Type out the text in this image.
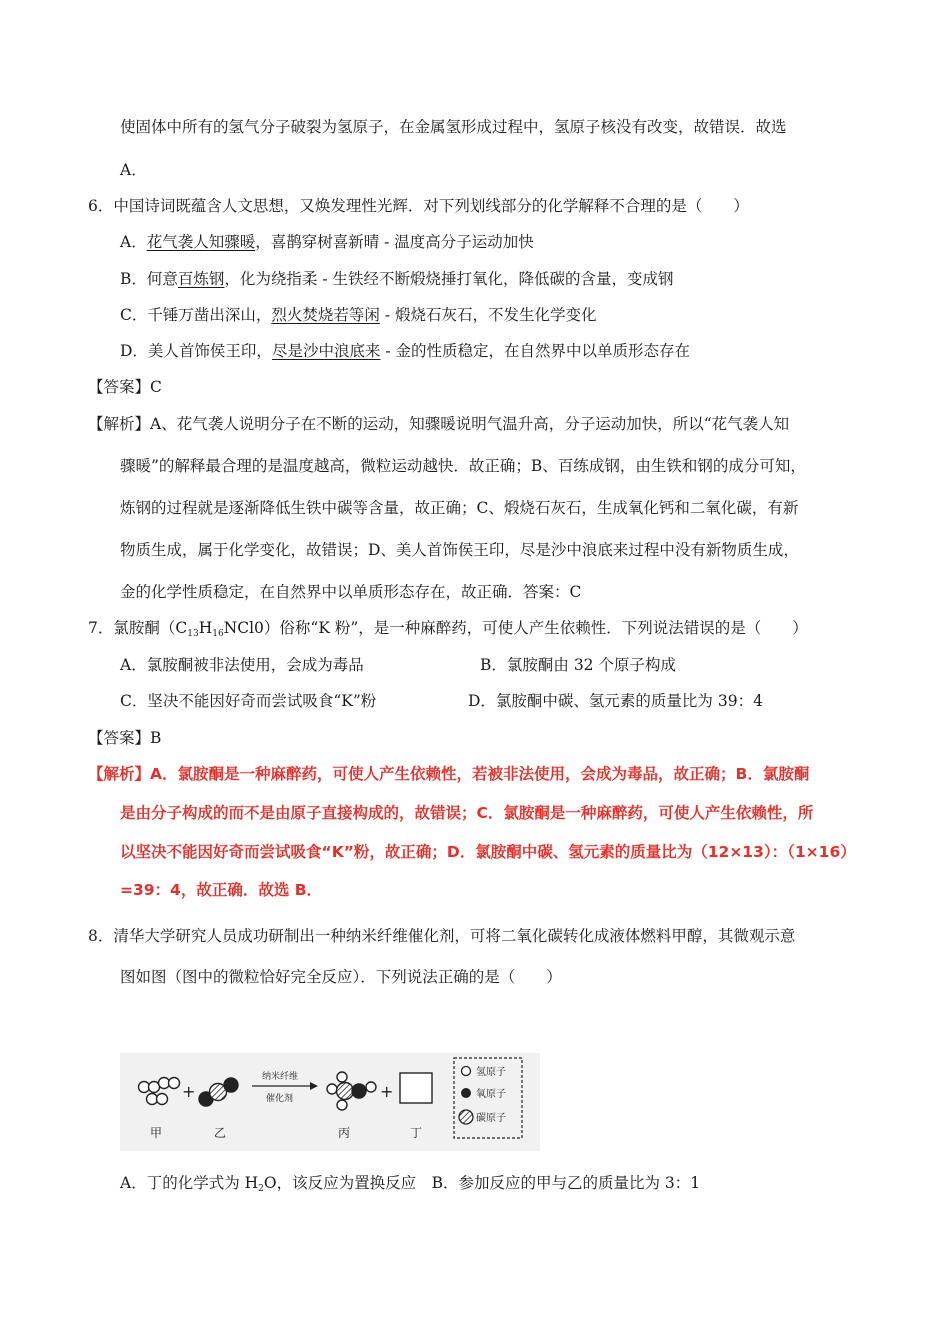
使固体中所有的氢气分子破裂为氢原子，在金属氢形成过程中，氢原子核没有改变，故错误．故选
A．
6．中国诗词既蕴含人文思想，又焕发理性光辉．对下列划线部分的化学解释不合理的是（　　）
A．花气袭人知骤暖，喜鹊穿树喜新晴 - 温度高分子运动加快
B．何意百炼钢，化为绕指柔 - 生铁经不断煅烧捶打氧化，降低碳的含量，变成钢
C．千锤万凿出深山，烈火焚烧若等闲 - 煅烧石灰石，不发生化学变化
D．美人首饰侯王印，尽是沙中浪底来 - 金的性质稳定，在自然界中以单质形态存在
【答案】C
【解析】A、花气袭人说明分子在不断的运动，知骤暖说明气温升高，分子运动加快，所以“花气袭人知
骤暖”的解释最合理的是温度越高，微粒运动越快．故正确；B、百练成钢，由生铁和钢的成分可知，
炼钢的过程就是逐渐降低生铁中碳等含量，故正确；C、煅烧石灰石，生成氧化钙和二氧化碳，有新
物质生成，属于化学变化，故错误；D、美人首饰侯王印，尽是沙中浪底来过程中没有新物质生成，
金的化学性质稳定，在自然界中以单质形态存在，故正确．答案：C
7．氯胺酮$(C_{13}H_{16}NCl0)$俗称“K 粉”，是一种麻醉药，可使人产生依赖性．下列说法错误的是（　　）
A．氯胺酮被非法使用，会成为毒品	B．氯胺酮由 32 个原子构成
C．坚决不能因好奇而尝试吸食“K”粉	D．氯胺酮中碳、氢元素的质量比为 39：4
【答案】B
【解析】A．氯胺酮是一种麻醉药，可使人产生依赖性，若被非法使用，会成为毒品，故正确；B．氯胺酮
是由分子构成的而不是由原子直接构成的，故错误；C．氯胺酮是一种麻醉药，可使人产生依赖性，所
以坚决不能因好奇而尝试吸食“K”粉，故正确；D．氯胺酮中碳、氢元素的质量比为（12×13）：（1×16）
=39：4，故正确．故选 B．
8．清华大学研究人员成功研制出一种纳米纤维催化剂，可将二氧化碳转化成液体燃料甲醇，其微观示意
图如图（图中的微粒恰好完全反应）．下列说法正确的是（　　）
甲
+
乙
纳米纤维
催化剂
丙
+
丁
氢原子
氧原子
碳原子
A．丁的化学式为 $H_2O$，该反应为置换反应　B．参加反应的甲与乙的质量比为 3：1
